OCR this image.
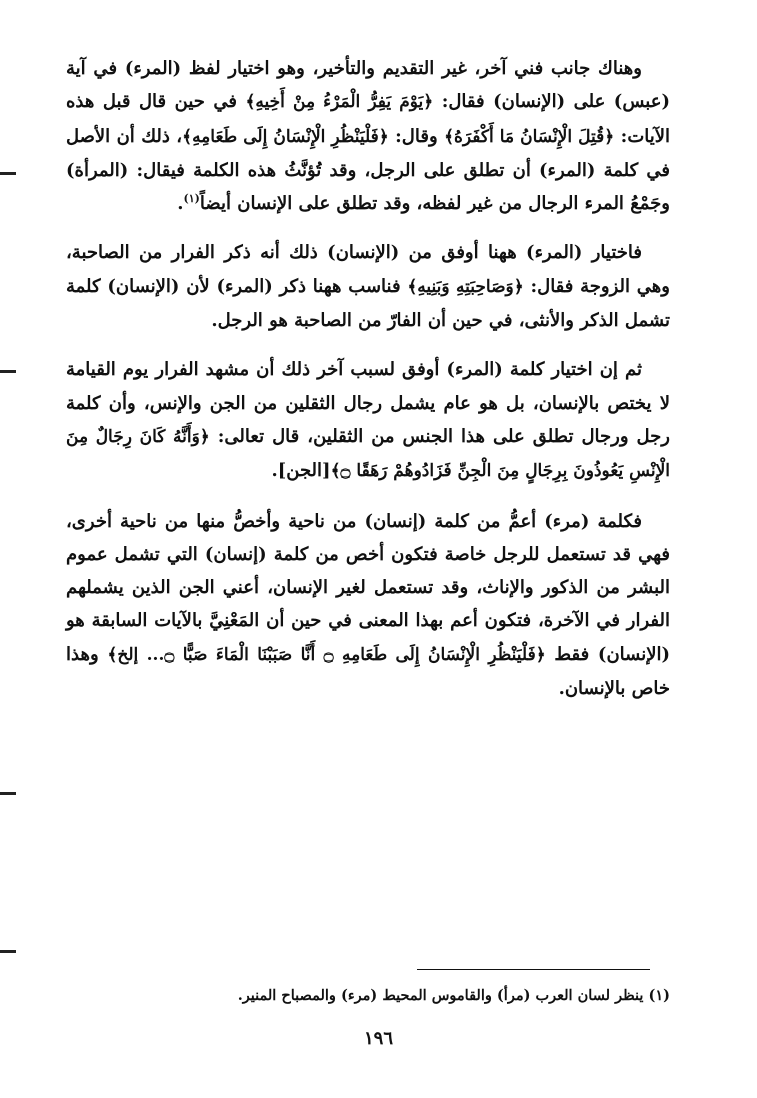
وهناك جانب فني آخر، غير التقديم والتأخير، وهو اختيار لفظ (المرء) في آية (عبس) على (الإنسان) فقال: ﴿يَوْمَ يَفِرُّ الْمَرْءُ مِنْ أَخِيهِ﴾ في حين قال قبل هذه الآيات: ﴿قُتِلَ الْإِنْسَانُ مَا أَكْفَرَهُ﴾ وقال: ﴿فَلْيَنْظُرِ الْإِنْسَانُ إِلَى طَعَامِهِ﴾، ذلك أن الأصل في كلمة (المرء) أن تطلق على الرجل، وقد تُؤنَّثُ هذه الكلمة فيقال: (المرأة) وجَمْعُ المرء الرجال من غير لفظه، وقد تطلق على الإنسان أيضاً$^{(١)}$.

فاختيار (المرء) ههنا أوفق من (الإنسان) ذلك أنه ذكر الفرار من الصاحبة، وهي الزوجة فقال: ﴿وَصَاحِبَتِهِ وَبَنِيهِ﴾ فناسب ههنا ذكر (المرء) لأن (الإنسان) كلمة تشمل الذكر والأنثى، في حين أن الفارّ من الصاحبة هو الرجل.

ثم إن اختيار كلمة (المرء) أوفق لسبب آخر ذلك أن مشهد الفرار يوم القيامة لا يختص بالإنسان، بل هو عام يشمل رجال الثقلين من الجن والإنس، وأن كلمة رجل ورجال تطلق على هذا الجنس من الثقلين، قال تعالى: ﴿وَأَنَّهُ كَانَ رِجَالٌ مِنَ الْإِنْسِ يَعُوذُونَ بِرِجَالٍ مِنَ الْجِنِّ فَزَادُوهُمْ رَهَقًا ۝﴾[الجن].

فكلمة (مرء) أعمُّ من كلمة (إنسان) من ناحية وأخصُّ منها من ناحية أخرى، فهي قد تستعمل للرجل خاصة فتكون أخص من كلمة (إنسان) التي تشمل عموم البشر من الذكور والإناث، وقد تستعمل لغير الإنسان، أعني الجن الذين يشملهم الفرار في الآخرة، فتكون أعم بهذا المعنى في حين أن المَعْنِيَّ بالآيات السابقة هو (الإنسان) فقط ﴿فَلْيَنْظُرِ الْإِنْسَانُ إِلَى طَعَامِهِ ۝ أَنَّا صَبَبْنَا الْمَاءَ صَبًّا ۝... إلخ﴾ وهذا خاص بالإنسان.

(١) ينظر لسان العرب (مرأ) والقاموس المحيط (مرء) والمصباح المنير.
١٩٦
